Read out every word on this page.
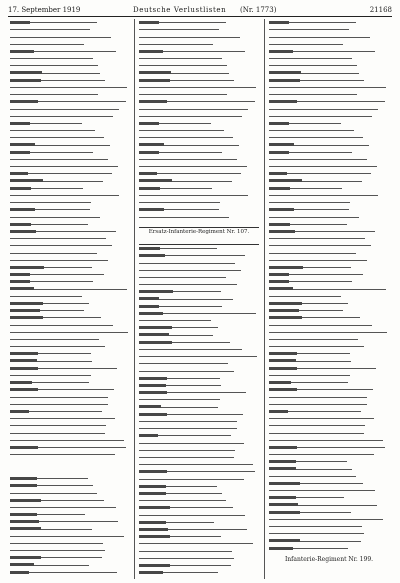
17. September 1919	Deutsche Verlustlisten (Nr. 1773)	21168
Ersatz-Infanterie-Regiment Nr. 107.
Infanterie-Regiment Nr. 199.
